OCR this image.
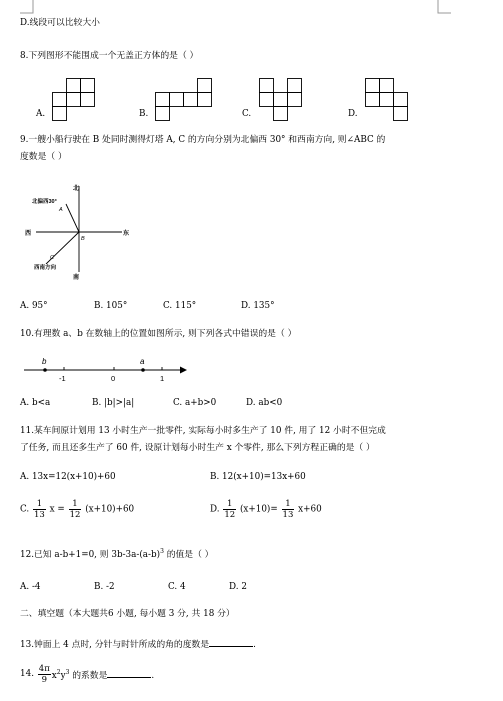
D.线段可以比较大小
8.下列图形不能围成一个无盖正方体的是（ ）
A.	B.	C.	D.
9.一艘小船行驶在 B 处同时测得灯塔 A, C 的方向分别为北偏西 30° 和西南方向, 则∠ABC 的
度数是（ ）
北
南
东
西
北偏西30°
A
B
C
西南方向
A. 95°	B. 105°	C. 115°	D. 135°
10.有理数 a、b 在数轴上的位置如图所示, 则下列各式中错误的是（ ）
b	a
-1	0	1
A. b<a	B. |b|>|a|	C. a+b>0	D. ab<0
11.某车间原计划用 13 小时生产一批零件, 实际每小时多生产了 10 件, 用了 12 小时不但完成
了任务, 而且还多生产了 60 件, 设原计划每小时生产 x 个零件, 那么下列方程正确的是（ ）
A. 13x=12(x+10)+60	B. 12(x+10)=13x+60
C. $\frac{1}{13}$ $x = \frac{1}{12} (x+10)+60$	D. $\frac{1}{12} (x+10)= \frac{1}{13} x+60$
12.已知 a-b+1=0, 则 $3b-3a-(a-b)^3$ 的值是（ ）
A. -4	B. -2	C. 4	D. 2
二、填空题（本大题共6 小题, 每小题 3 分, 共 18 分）
13.钟面上 4 点时, 分针与时针所成的角的度数是	.
14. $\frac{4\pi}{9} x^2y^3$ 的系数是	.
